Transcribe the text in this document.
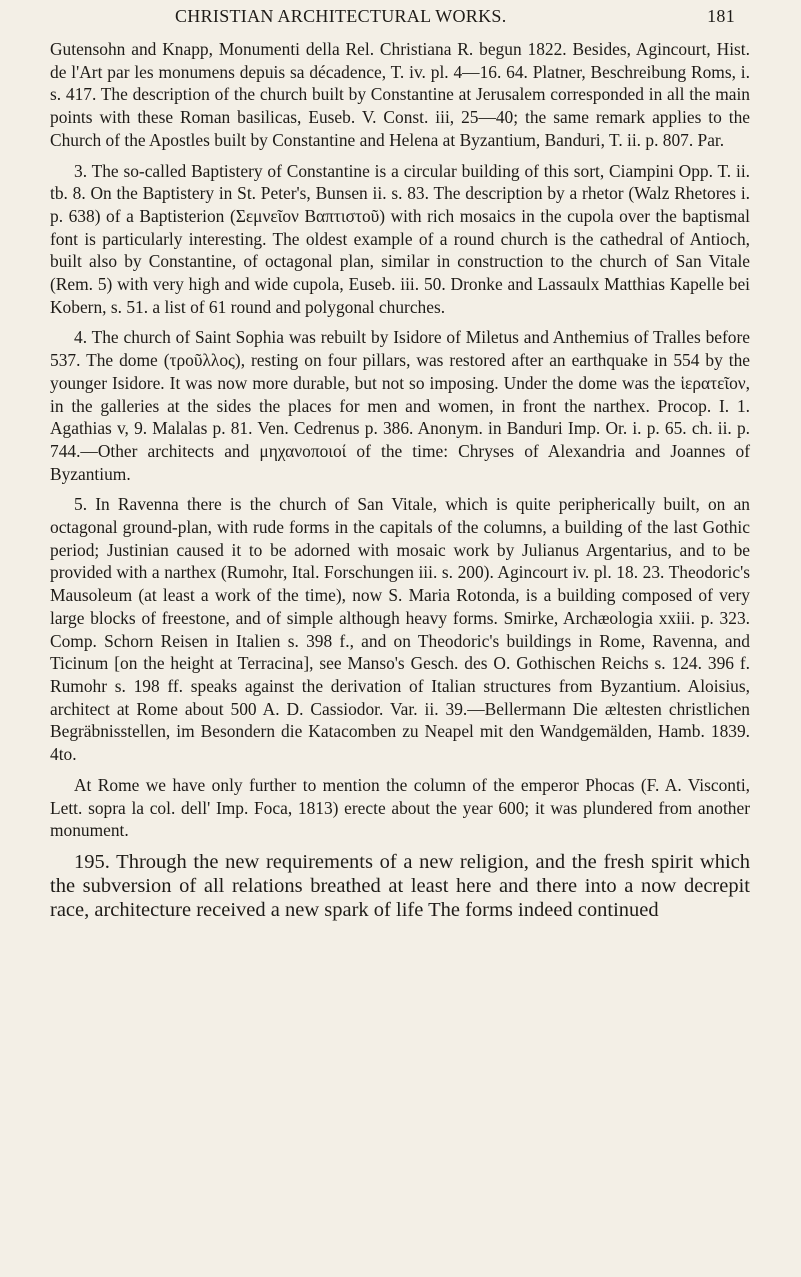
CHRISTIAN ARCHITECTURAL WORKS.	181

Gutensohn and Knapp, Monumenti della Rel. Christiana R. begun 1822. Besides, Agincourt, Hist. de l'Art par les monumens depuis sa décadence, T. iv. pl. 4—16. 64. Platner, Beschreibung Roms, i. s. 417. The description of the church built by Constantine at Jerusalem corresponded in all the main points with these Roman basilicas, Euseb. V. Const. iii, 25—40; the same remark applies to the Church of the Apostles built by Constantine and Helena at Byzantium, Banduri, T. ii. p. 807. Par.

3. The so-called Baptistery of Constantine is a circular building of this sort, Ciampini Opp. T. ii. tb. 8. On the Baptistery in St. Peter's, Bunsen ii. s. 83. The description by a rhetor (Walz Rhetores i. p. 638) of a Baptisterion (Σεμνεῖον Βαπτιστοῦ) with rich mosaics in the cupola over the baptismal font is particularly interesting. The oldest example of a round church is the cathedral of Antioch, built also by Constantine, of octagonal plan, similar in construction to the church of San Vitale (Rem. 5) with very high and wide cupola, Euseb. iii. 50. Dronke and Lassaulx Matthias Kapelle bei Kobern, s. 51. a list of 61 round and polygonal churches.

4. The church of Saint Sophia was rebuilt by Isidore of Miletus and Anthemius of Tralles before 537. The dome (τροῦλλος), resting on four pillars, was restored after an earthquake in 554 by the younger Isidore. It was now more durable, but not so imposing. Under the dome was the ἱερατεῖον, in the galleries at the sides the places for men and women, in front the narthex. Procop. I. 1. Agathias v, 9. Malalas p. 81. Ven. Cedrenus p. 386. Anonym. in Banduri Imp. Or. i. p. 65. ch. ii. p. 744.—Other architects and μηχανοποιοί of the time: Chryses of Alexandria and Joannes of Byzantium.

5. In Ravenna there is the church of San Vitale, which is quite peripherically built, on an octagonal ground-plan, with rude forms in the capitals of the columns, a building of the last Gothic period; Justinian caused it to be adorned with mosaic work by Julianus Argentarius, and to be provided with a narthex (Rumohr, Ital. Forschungen iii. s. 200). Agincourt iv. pl. 18. 23. Theodoric's Mausoleum (at least a work of the time), now S. Maria Rotonda, is a building composed of very large blocks of freestone, and of simple although heavy forms. Smirke, Archæologia xxiii. p. 323. Comp. Schorn Reisen in Italien s. 398 f., and on Theodoric's buildings in Rome, Ravenna, and Ticinum [on the height at Terracina], see Manso's Gesch. des O. Gothischen Reichs s. 124. 396 f. Rumohr s. 198 ff. speaks against the derivation of Italian structures from Byzantium. Aloisius, architect at Rome about 500 A. D. Cassiodor. Var. ii. 39.—Bellermann Die æltesten christlichen Begräbnisstellen, im Besondern die Katacomben zu Neapel mit den Wandgemälden, Hamb. 1839. 4to.

At Rome we have only further to mention the column of the emperor Phocas (F. A. Visconti, Lett. sopra la col. dell' Imp. Foca, 1813) erecte about the year 600; it was plundered from another monument.

195. Through the new requirements of a new religion, and the fresh spirit which the subversion of all relations breathed at least here and there into a now decrepit race, architecture received a new spark of life The forms indeed continued
